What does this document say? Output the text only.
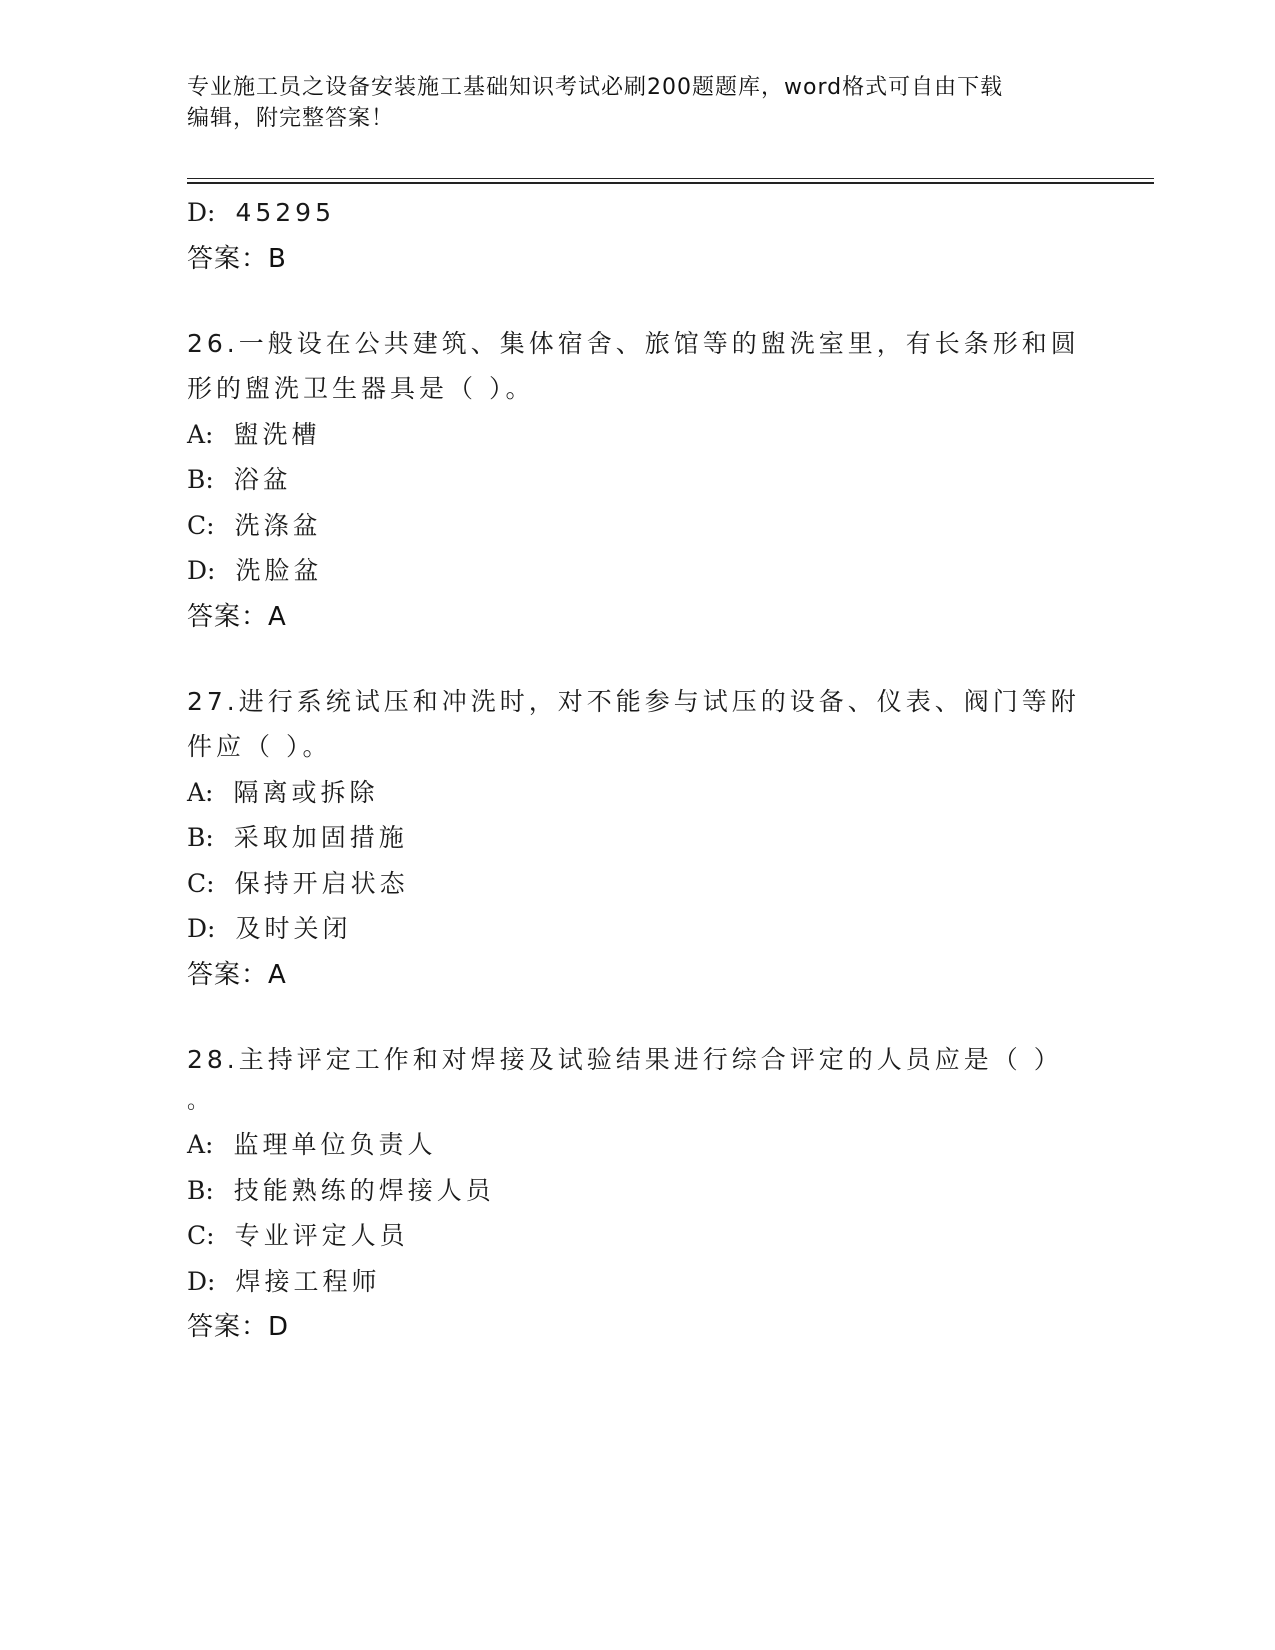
专业施工员之设备安装施工基础知识考试必刷200题题库，word格式可自由下载
编辑，附完整答案！
D: 45295
答案：B
26.一般设在公共建筑、集体宿舍、旅馆等的盥洗室里，有长条形和圆
形的盥洗卫生器具是（ ）。
A: 盥洗槽
B: 浴盆
C: 洗涤盆
D: 洗脸盆
答案：A
27.进行系统试压和冲洗时，对不能参与试压的设备、仪表、阀门等附
件应（ ）。
A: 隔离或拆除
B: 采取加固措施
C: 保持开启状态
D: 及时关闭
答案：A
28.主持评定工作和对焊接及试验结果进行综合评定的人员应是（ ）
。
A: 监理单位负责人
B: 技能熟练的焊接人员
C: 专业评定人员
D: 焊接工程师
答案：D
